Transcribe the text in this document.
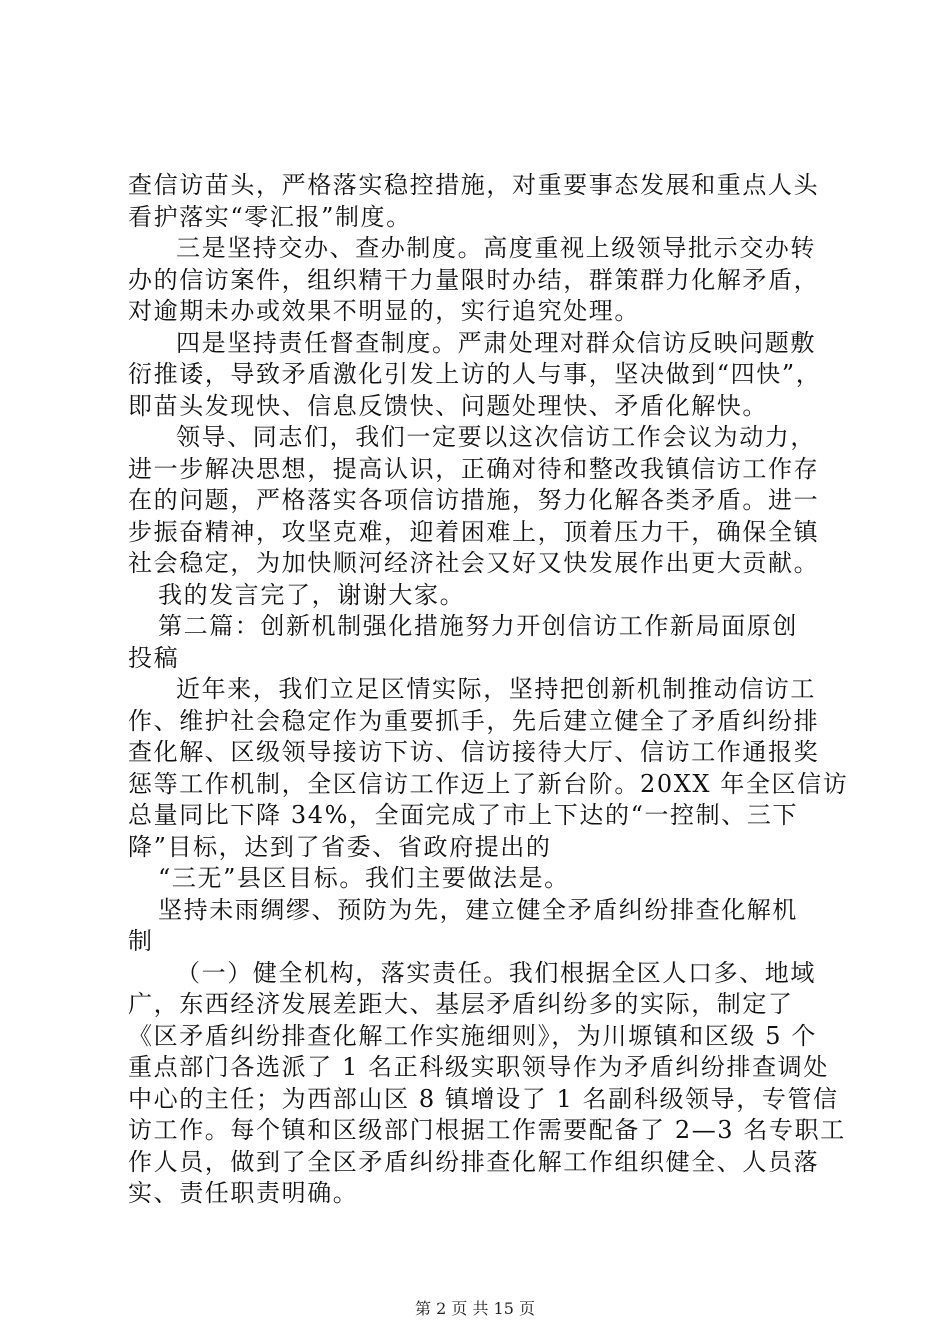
查信访苗头，严格落实稳控措施，对重要事态发展和重点人头
看护落实“零汇报”制度。
三是坚持交办、查办制度。高度重视上级领导批示交办转
办的信访案件，组织精干力量限时办结，群策群力化解矛盾，
对逾期未办或效果不明显的，实行追究处理。
四是坚持责任督查制度。严肃处理对群众信访反映问题敷
衍推诿，导致矛盾激化引发上访的人与事，坚决做到“四快”，
即苗头发现快、信息反馈快、问题处理快、矛盾化解快。
领导、同志们，我们一定要以这次信访工作会议为动力，
进一步解决思想，提高认识，正确对待和整改我镇信访工作存
在的问题，严格落实各项信访措施，努力化解各类矛盾。进一
步振奋精神，攻坚克难，迎着困难上，顶着压力干，确保全镇
社会稳定，为加快顺河经济社会又好又快发展作出更大贡献。
我的发言完了，谢谢大家。
第二篇：创新机制强化措施努力开创信访工作新局面原创
投稿
近年来，我们立足区情实际，坚持把创新机制推动信访工
作、维护社会稳定作为重要抓手，先后建立健全了矛盾纠纷排
查化解、区级领导接访下访、信访接待大厅、信访工作通报奖
惩等工作机制，全区信访工作迈上了新台阶。20XX 年全区信访
总量同比下降 34%，全面完成了市上下达的“一控制、三下
降”目标，达到了省委、省政府提出的
“三无”县区目标。我们主要做法是。
坚持未雨绸缪、预防为先，建立健全矛盾纠纷排查化解机
制
（一）健全机构，落实责任。我们根据全区人口多、地域
广，东西经济发展差距大、基层矛盾纠纷多的实际，制定了
《区矛盾纠纷排查化解工作实施细则》，为川塬镇和区级 5 个
重点部门各选派了 1 名正科级实职领导作为矛盾纠纷排查调处
中心的主任；为西部山区 8 镇增设了 1 名副科级领导，专管信
访工作。每个镇和区级部门根据工作需要配备了 2—3 名专职工
作人员，做到了全区矛盾纠纷排查化解工作组织健全、人员落
实、责任职责明确。
第 2 页 共 15 页
